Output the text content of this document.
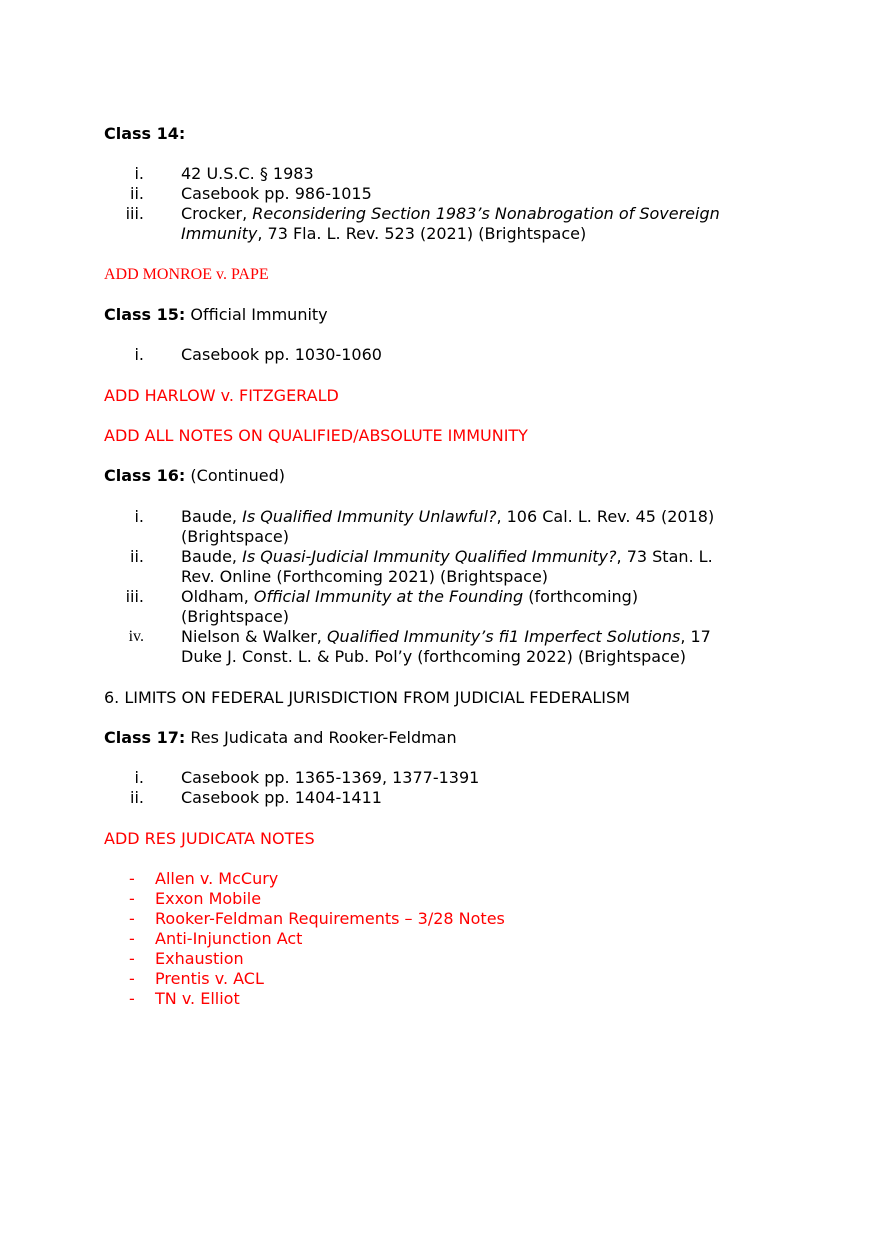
Class 14:
i. 42 U.S.C. § 1983
ii. Casebook pp. 986-1015
iii. Crocker, Reconsidering Section 1983’s Nonabrogation of Sovereign
Immunity, 73 Fla. L. Rev. 523 (2021) (Brightspace)
ADD MONROE v. PAPE
Class 15: Ofﬁcial Immunity
i. Casebook pp. 1030-1060
ADD HARLOW v. FITZGERALD
ADD ALL NOTES ON QUALIFIED/ABSOLUTE IMMUNITY
Class 16: (Continued)
i. Baude, Is Qualified Immunity Unlawful?, 106 Cal. L. Rev. 45 (2018)
(Brightspace)
ii. Baude, Is Quasi-Judicial Immunity Qualified Immunity?, 73 Stan. L.
Rev. Online (Forthcoming 2021) (Brightspace)
iii. Oldham, Ofﬁcial Immunity at the Founding (forthcoming)
(Brightspace)
iv. Nielson & Walker, Qualified Immunity’s fi1 Imperfect Solutions, 17
Duke J. Const. L. & Pub. Pol’y (forthcoming 2022) (Brightspace)
6. LIMITS ON FEDERAL JURISDICTION FROM JUDICIAL FEDERALISM
Class 17: Res Judicata and Rooker-Feldman
i. Casebook pp. 1365-1369, 1377-1391
ii. Casebook pp. 1404-1411
ADD RES JUDICATA NOTES
- Allen v. McCury
- Exxon Mobile
- Rooker-Feldman Requirements – 3/28 Notes
- Anti-Injunction Act
- Exhaustion
- Prentis v. ACL
- TN v. Elliot
